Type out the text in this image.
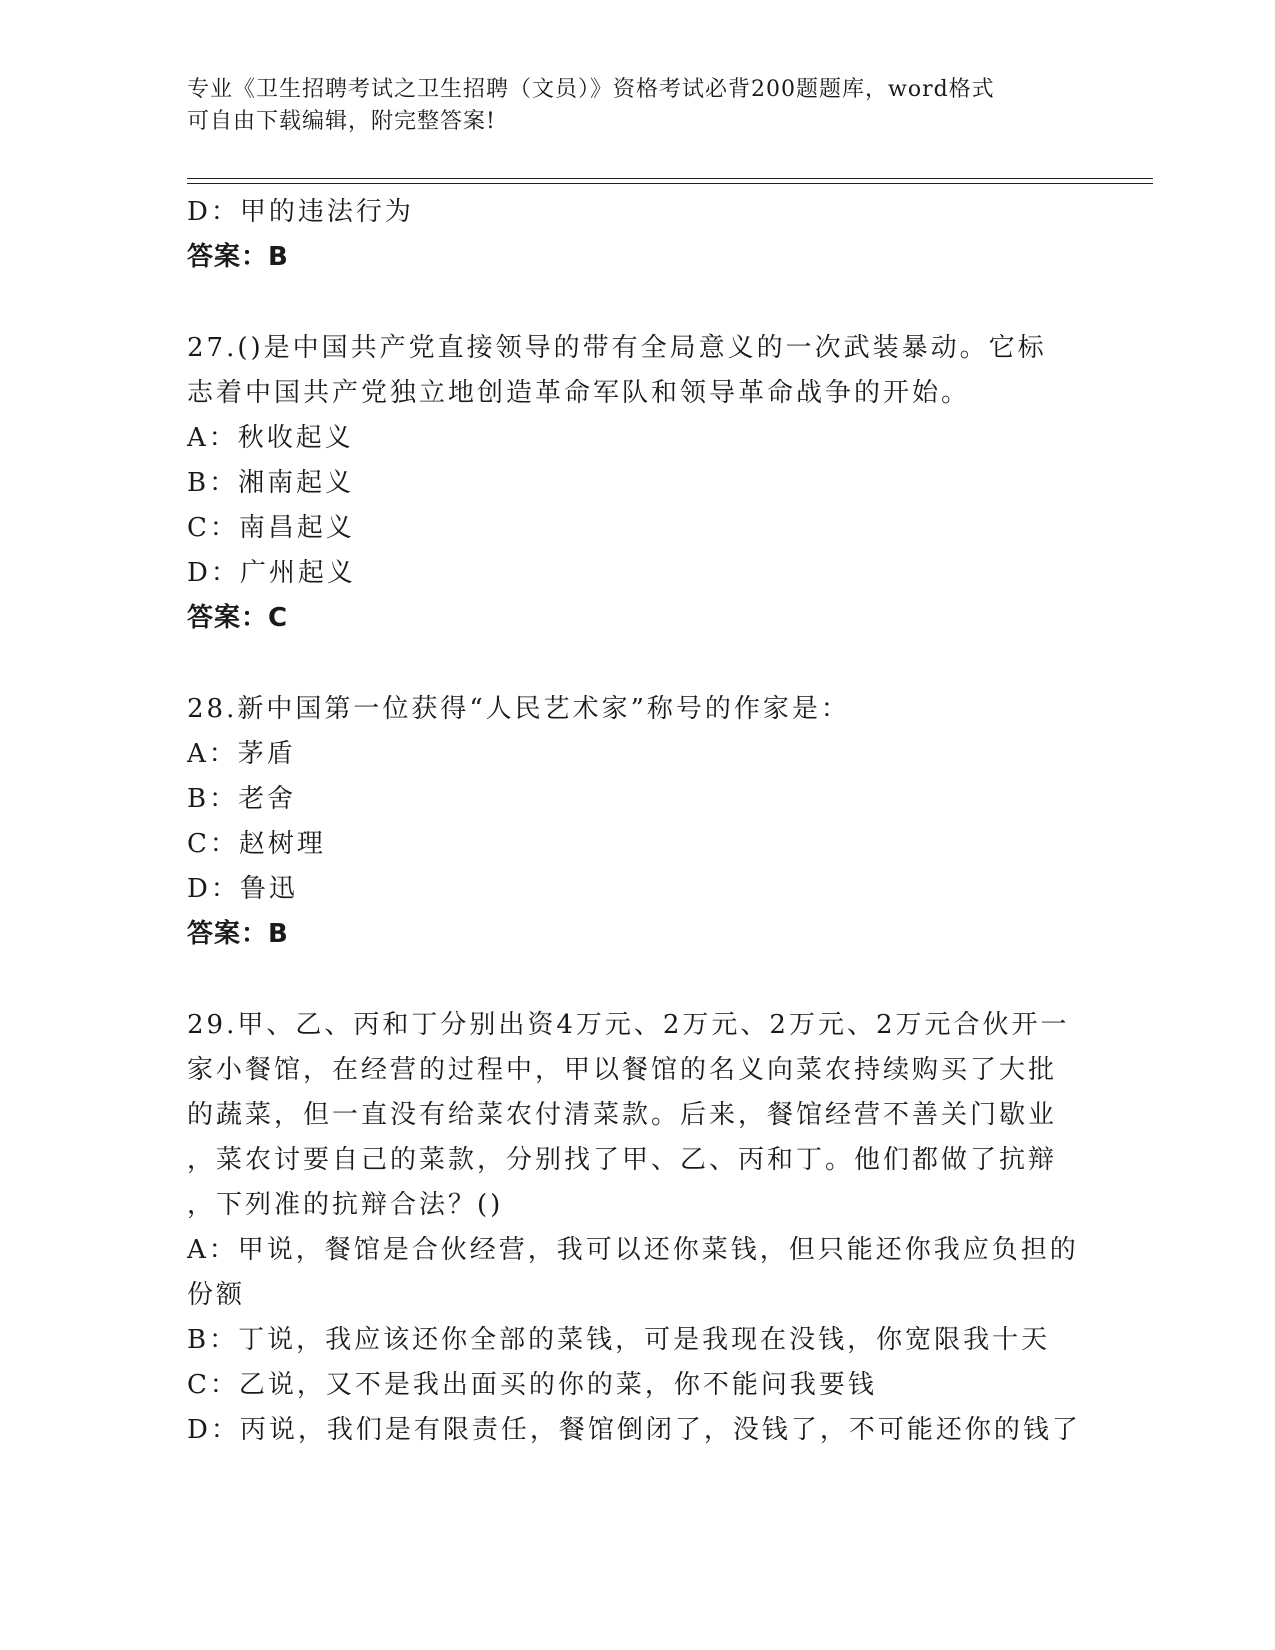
专业《卫生招聘考试之卫生招聘（文员）》资格考试必背200题题库，word格式
可自由下载编辑，附完整答案!
D：甲的违法行为
答案：B
27.()是中国共产党直接领导的带有全局意义的一次武装暴动。它标志着中国共产党独立地创造革命军队和领导革命战争的开始。
A：秋收起义
B：湘南起义
C：南昌起义
D：广州起义
答案：C
28.新中国第一位获得“人民艺术家”称号的作家是：
A：茅盾
B：老舍
C：赵树理
D：鲁迅
答案：B
29.甲、乙、丙和丁分别出资4万元、2万元、2万元、2万元合伙开一
家小餐馆，在经营的过程中，甲以餐馆的名义向菜农持续购买了大批
的蔬菜，但一直没有给菜农付清菜款。后来，餐馆经营不善关门歇业
，菜农讨要自己的菜款，分别找了甲、乙、丙和丁。他们都做了抗辩
，下列准的抗辩合法？()
A：甲说，餐馆是合伙经营，我可以还你菜钱，但只能还你我应负担的
份额
B：丁说，我应该还你全部的菜钱，可是我现在没钱，你宽限我十天
C：乙说，又不是我出面买的你的菜，你不能问我要钱
D：丙说，我们是有限责任，餐馆倒闭了，没钱了，不可能还你的钱了
